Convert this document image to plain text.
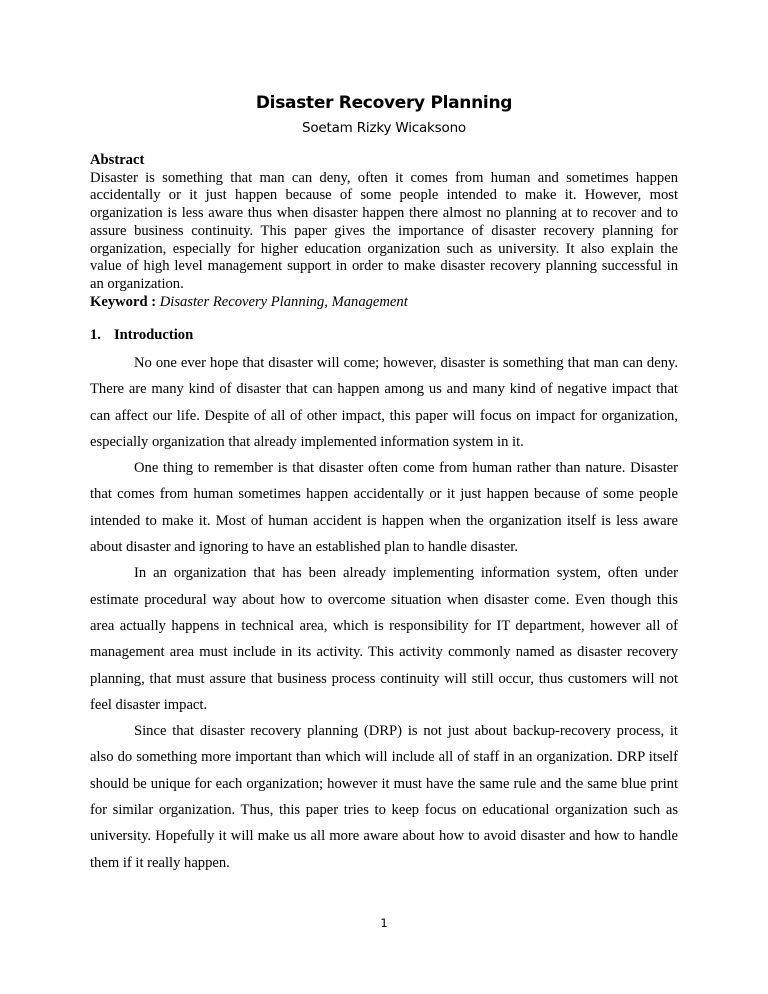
Disaster Recovery Planning
Soetam Rizky Wicaksono
Abstract
Disaster is something that man can deny, often it comes from human and sometimes happen accidentally or it just happen because of some people intended to make it. However, most organization is less aware thus when disaster happen there almost no planning at to recover and to assure business continuity. This paper gives the importance of disaster recovery planning for organization, especially for higher education organization such as university. It also explain the value of high level management support in order to make disaster recovery planning successful in an organization.
Keyword : Disaster Recovery Planning, Management
1. Introduction

No one ever hope that disaster will come; however, disaster is something that man can deny. There are many kind of disaster that can happen among us and many kind of negative impact that can affect our life. Despite of all of other impact, this paper will focus on impact for organization, especially organization that already implemented information system in it.

One thing to remember is that disaster often come from human rather than nature. Disaster that comes from human sometimes happen accidentally or it just happen because of some people intended to make it. Most of human accident is happen when the organization itself is less aware about disaster and ignoring to have an established plan to handle disaster.

In an organization that has been already implementing information system, often under estimate procedural way about how to overcome situation when disaster come. Even though this area actually happens in technical area, which is responsibility for IT department, however all of management area must include in its activity. This activity commonly named as disaster recovery planning, that must assure that business process continuity will still occur, thus customers will not feel disaster impact.

Since that disaster recovery planning (DRP) is not just about backup-recovery process, it also do something more important than which will include all of staff in an organization. DRP itself should be unique for each organization; however it must have the same rule and the same blue print for similar organization. Thus, this paper tries to keep focus on educational organization such as university. Hopefully it will make us all more aware about how to avoid disaster and how to handle them if it really happen.

1
